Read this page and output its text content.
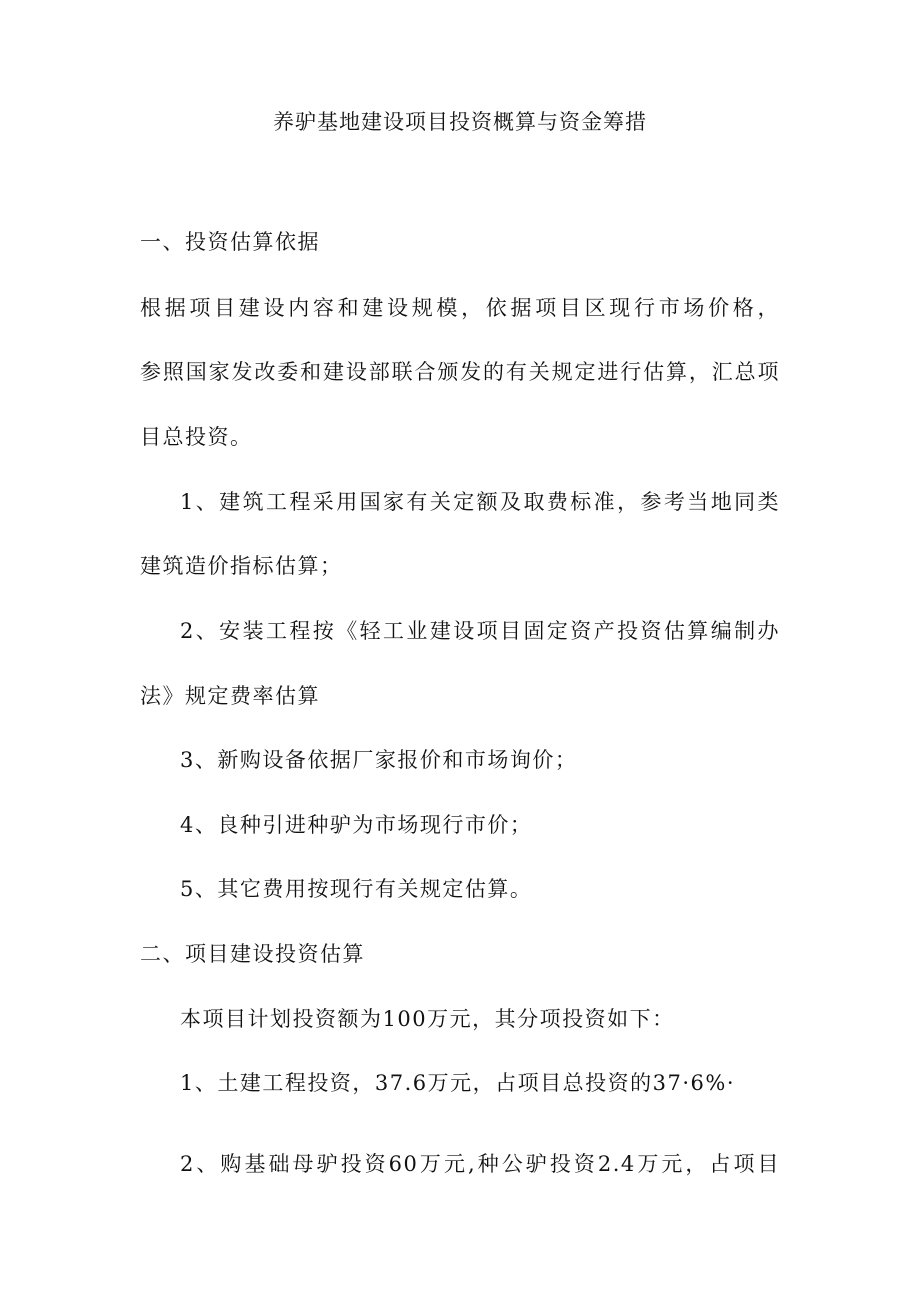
养驴基地建设项目投资概算与资金筹措
一、投资估算依据
根据项目建设内容和建设规模，依据项目区现行市场价格，
参照国家发改委和建设部联合颁发的有关规定进行估算，汇总项
目总投资。
1、建筑工程采用国家有关定额及取费标准，参考当地同类
建筑造价指标估算；
2、安装工程按《轻工业建设项目固定资产投资估算编制办
法》规定费率估算
3、新购设备依据厂家报价和市场询价；
4、良种引进种驴为市场现行市价；
5、其它费用按现行有关规定估算。
二、项目建设投资估算
本项目计划投资额为100万元，其分项投资如下：
1、土建工程投资，37.6万元，占项目总投资的37·6%·
2、购基础母驴投资60万元,种公驴投资2.4万元，占项目
